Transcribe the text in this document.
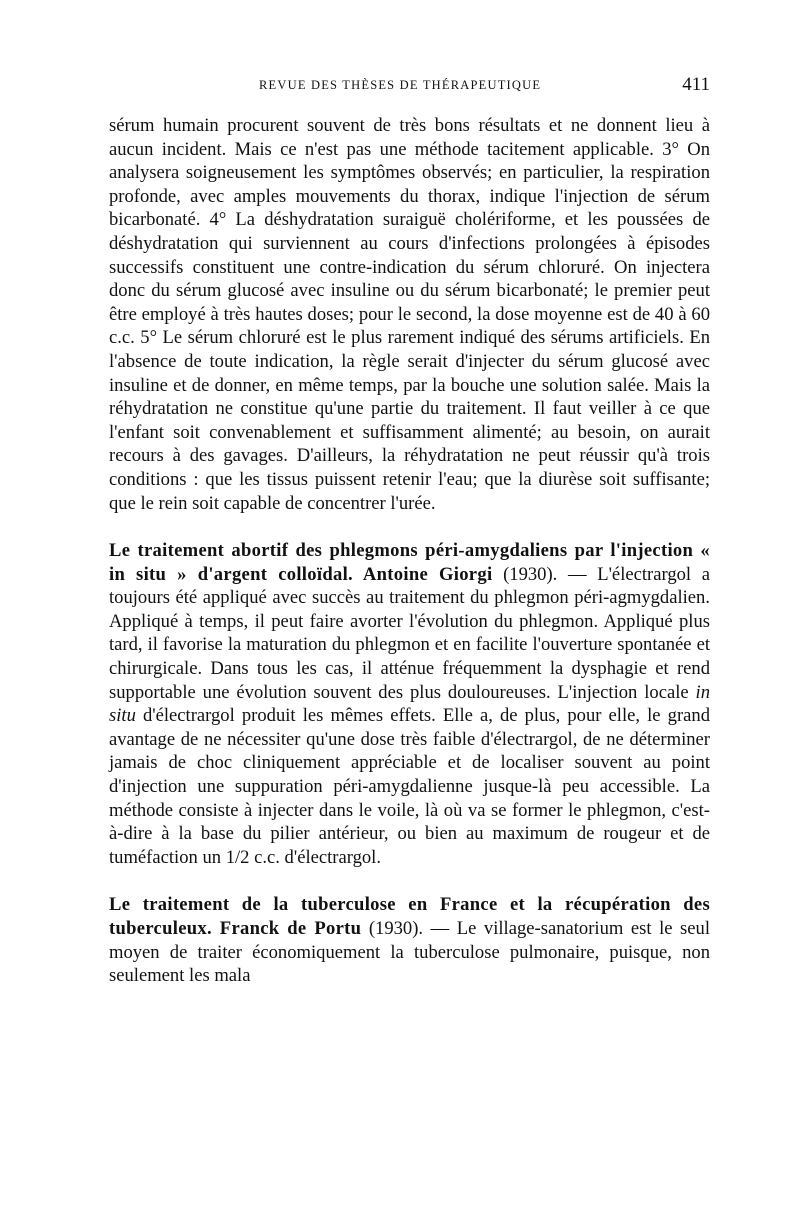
REVUE DES THÈSES DE THÉRAPEUTIQUE	411

sérum humain procurent souvent de très bons résultats et ne donnent lieu à aucun incident. Mais ce n'est pas une méthode tacitement applicable. 3° On analysera soigneusement les symptômes observés; en particulier, la respiration profonde, avec amples mouvements du thorax, indique l'injection de sérum bicarbonaté. 4° La déshydratation suraiguë cholériforme, et les poussées de déshydratation qui surviennent au cours d'infections prolongées à épisodes successifs constituent une contre-indication du sérum chloruré. On injectera donc du sérum glucosé avec insuline ou du sérum bicarbonaté; le premier peut être employé à très hautes doses; pour le second, la dose moyenne est de 40 à 60 c.c. 5° Le sérum chloruré est le plus rarement indiqué des sérums artificiels. En l'absence de toute indication, la règle serait d'injecter du sérum glucosé avec insuline et de donner, en même temps, par la bouche une solution salée. Mais la réhydratation ne constitue qu'une partie du traitement. Il faut veiller à ce que l'enfant soit convenablement et suffisamment alimenté; au besoin, on aurait recours à des gavages. D'ailleurs, la réhydratation ne peut réussir qu'à trois conditions : que les tissus puissent retenir l'eau; que la diurèse soit suffisante; que le rein soit capable de concentrer l'urée.

Le traitement abortif des phlegmons péri-amygdaliens par l'injection « in situ » d'argent colloïdal. Antoine Giorgi (1930). — L'électrargol a toujours été appliqué avec succès au traitement du phlegmon péri-agmygdalien. Appliqué à temps, il peut faire avorter l'évolution du phlegmon. Appliqué plus tard, il favorise la maturation du phlegmon et en facilite l'ouverture spontanée et chirurgicale. Dans tous les cas, il atténue fréquemment la dysphagie et rend supportable une évolution souvent des plus douloureuses. L'injection locale in situ d'électrargol produit les mêmes effets. Elle a, de plus, pour elle, le grand avantage de ne nécessiter qu'une dose très faible d'électrargol, de ne déterminer jamais de choc cliniquement appréciable et de localiser souvent au point d'injection une suppuration péri-amygdalienne jusque-là peu accessible. La méthode consiste à injecter dans le voile, là où va se former le phlegmon, c'est-à-dire à la base du pilier antérieur, ou bien au maximum de rougeur et de tuméfaction un 1/2 c.c. d'électrargol.

Le traitement de la tuberculose en France et la récupération des tuberculeux. Franck de Portu (1930). — Le village-sanatorium est le seul moyen de traiter économiquement la tuberculose pulmonaire, puisque, non seulement les mala
